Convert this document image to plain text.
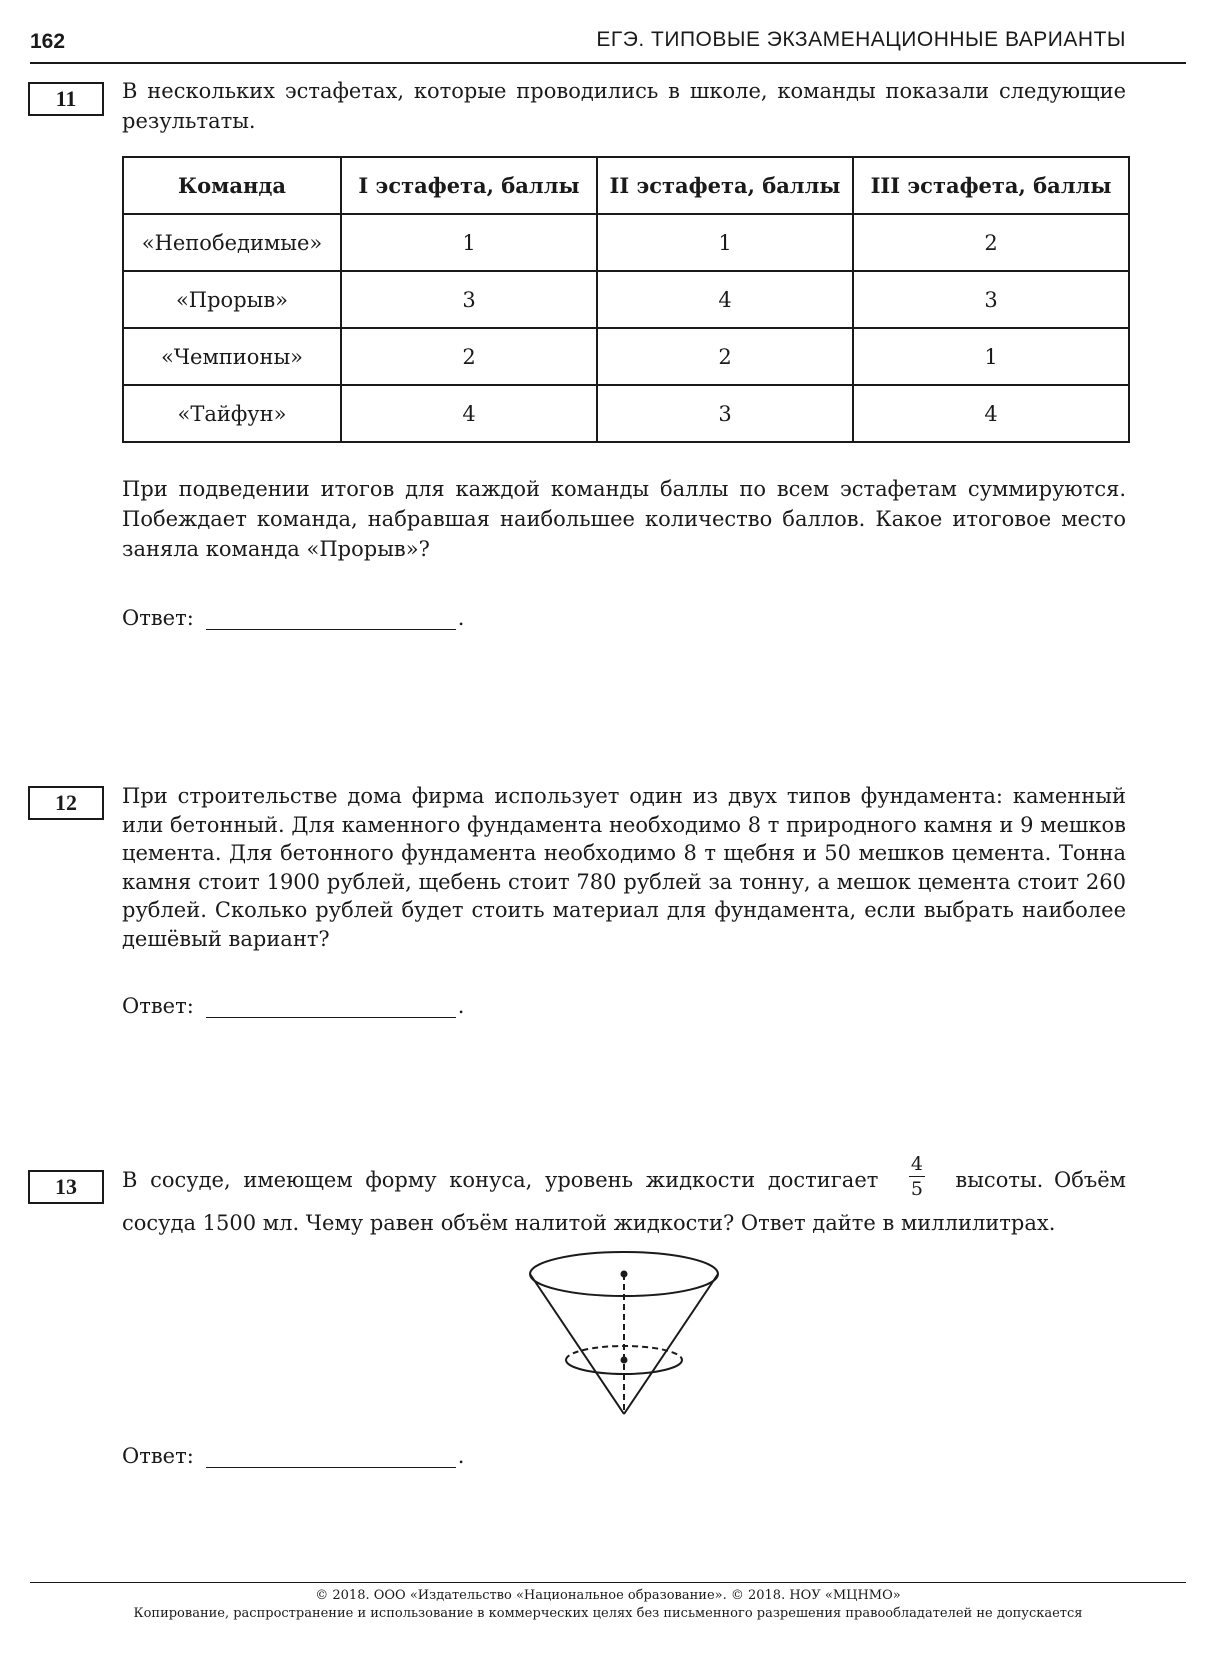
162	ЕГЭ. ТИПОВЫЕ ЭКЗАМЕНАЦИОННЫЕ ВАРИАНТЫ
11	В нескольких эстафетах, которые проводились в школе, команды показали следующие результаты.
Команда	I эстафета, баллы	II эстафета, баллы	III эстафета, баллы
«Непобедимые»	1	1	2
«Прорыв»	3	4	3
«Чемпионы»	2	2	1
«Тайфун»	4	3	4
При подведении итогов для каждой команды баллы по всем эстафетам суммируются. Побеждает команда, набравшая наибольшее количество баллов. Какое итоговое место заняла команда «Прорыв»?
Ответ:	.
12	При строительстве дома фирма использует один из двух типов фундамента: каменный или бетонный. Для каменного фундамента необходимо 8 т природного камня и 9 мешков цемента. Для бетонного фундамента необходимо 8 т щебня и 50 мешков цемента. Тонна камня стоит 1900 рублей, щебень стоит 780 рублей за тонну, а мешок цемента стоит 260 рублей. Сколько рублей будет стоить материал для фундамента, если выбрать наиболее дешёвый вариант?
Ответ:	.
13	В сосуде, имеющем форму конуса, уровень жидкости достигает $\frac{4}{5}$ высоты. Объём
сосуда 1500 мл. Чему равен объём налитой жидкости? Ответ дайте в миллилитрах.
Ответ:	.
© 2018. ООО «Издательство «Национальное образование». © 2018. НОУ «МЦНМО»
Копирование, распространение и использование в коммерческих целях без письменного разрешения правообладателей не допускается
